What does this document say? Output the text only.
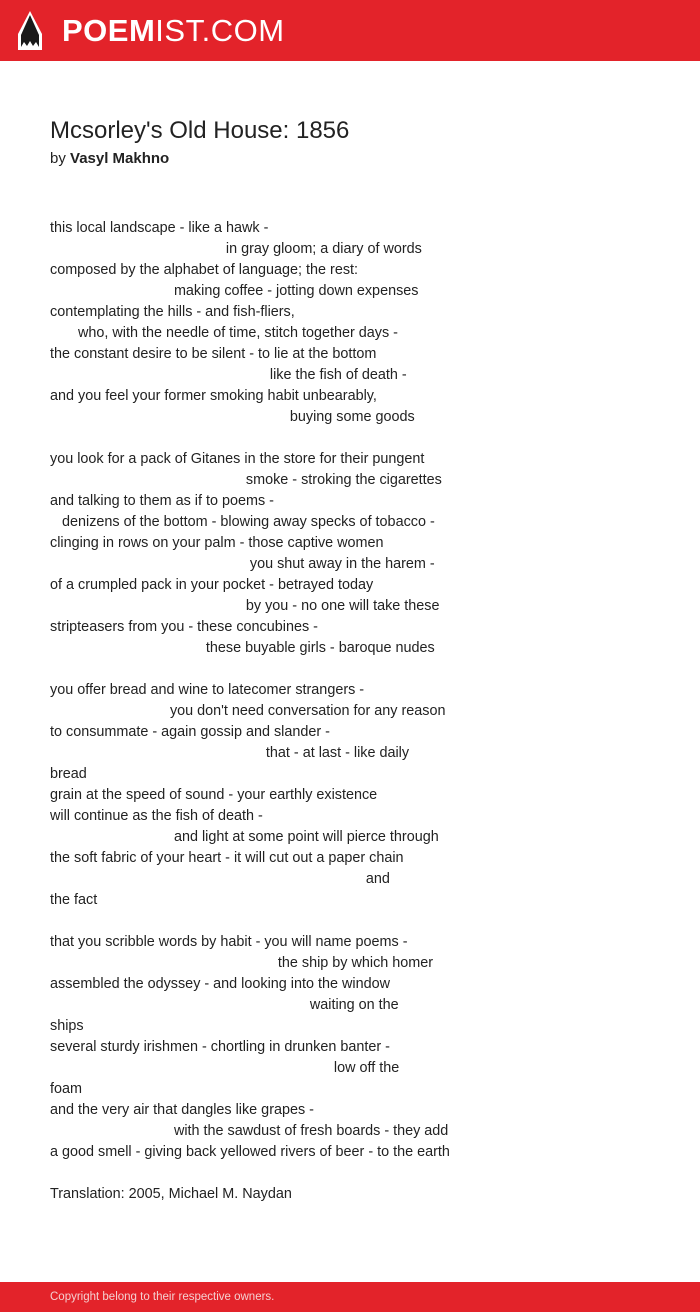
POEMIST.COM
Mcsorley's Old House: 1856
by Vasyl Makhno
this local landscape - like a hawk -
in gray gloom; a diary of words
composed by the alphabet of language; the rest:
making coffee - jotting down expenses
contemplating the hills - and fish-fliers,
who, with the needle of time, stitch together days -
the constant desire to be silent - to lie at the bottom
like the fish of death -
and you feel your former smoking habit unbearably,
buying some goods
you look for a pack of Gitanes in the store for their pungent
smoke - stroking the cigarettes
and talking to them as if to poems -
denizens of the bottom - blowing away specks of tobacco -
clinging in rows on your palm - those captive women
you shut away in the harem -
of a crumpled pack in your pocket - betrayed today
by you - no one will take these
stripteasers from you - these concubines -
these buyable girls - baroque nudes
you offer bread and wine to latecomer strangers -
you don't need conversation for any reason
to consummate - again gossip and slander -
that - at last - like daily
bread
grain at the speed of sound - your earthly existence
will continue as the fish of death -
and light at some point will pierce through
the soft fabric of your heart - it will cut out a paper chain
and
the fact
that you scribble words by habit - you will name poems -
the ship by which homer
assembled the odyssey - and looking into the window
waiting on the
ships
several sturdy irishmen - chortling in drunken banter -
low off the
foam
and the very air that dangles like grapes -
with the sawdust of fresh boards - they add
a good smell - giving back yellowed rivers of beer - to the earth
Translation: 2005, Michael M. Naydan
Copyright belong to their respective owners.
